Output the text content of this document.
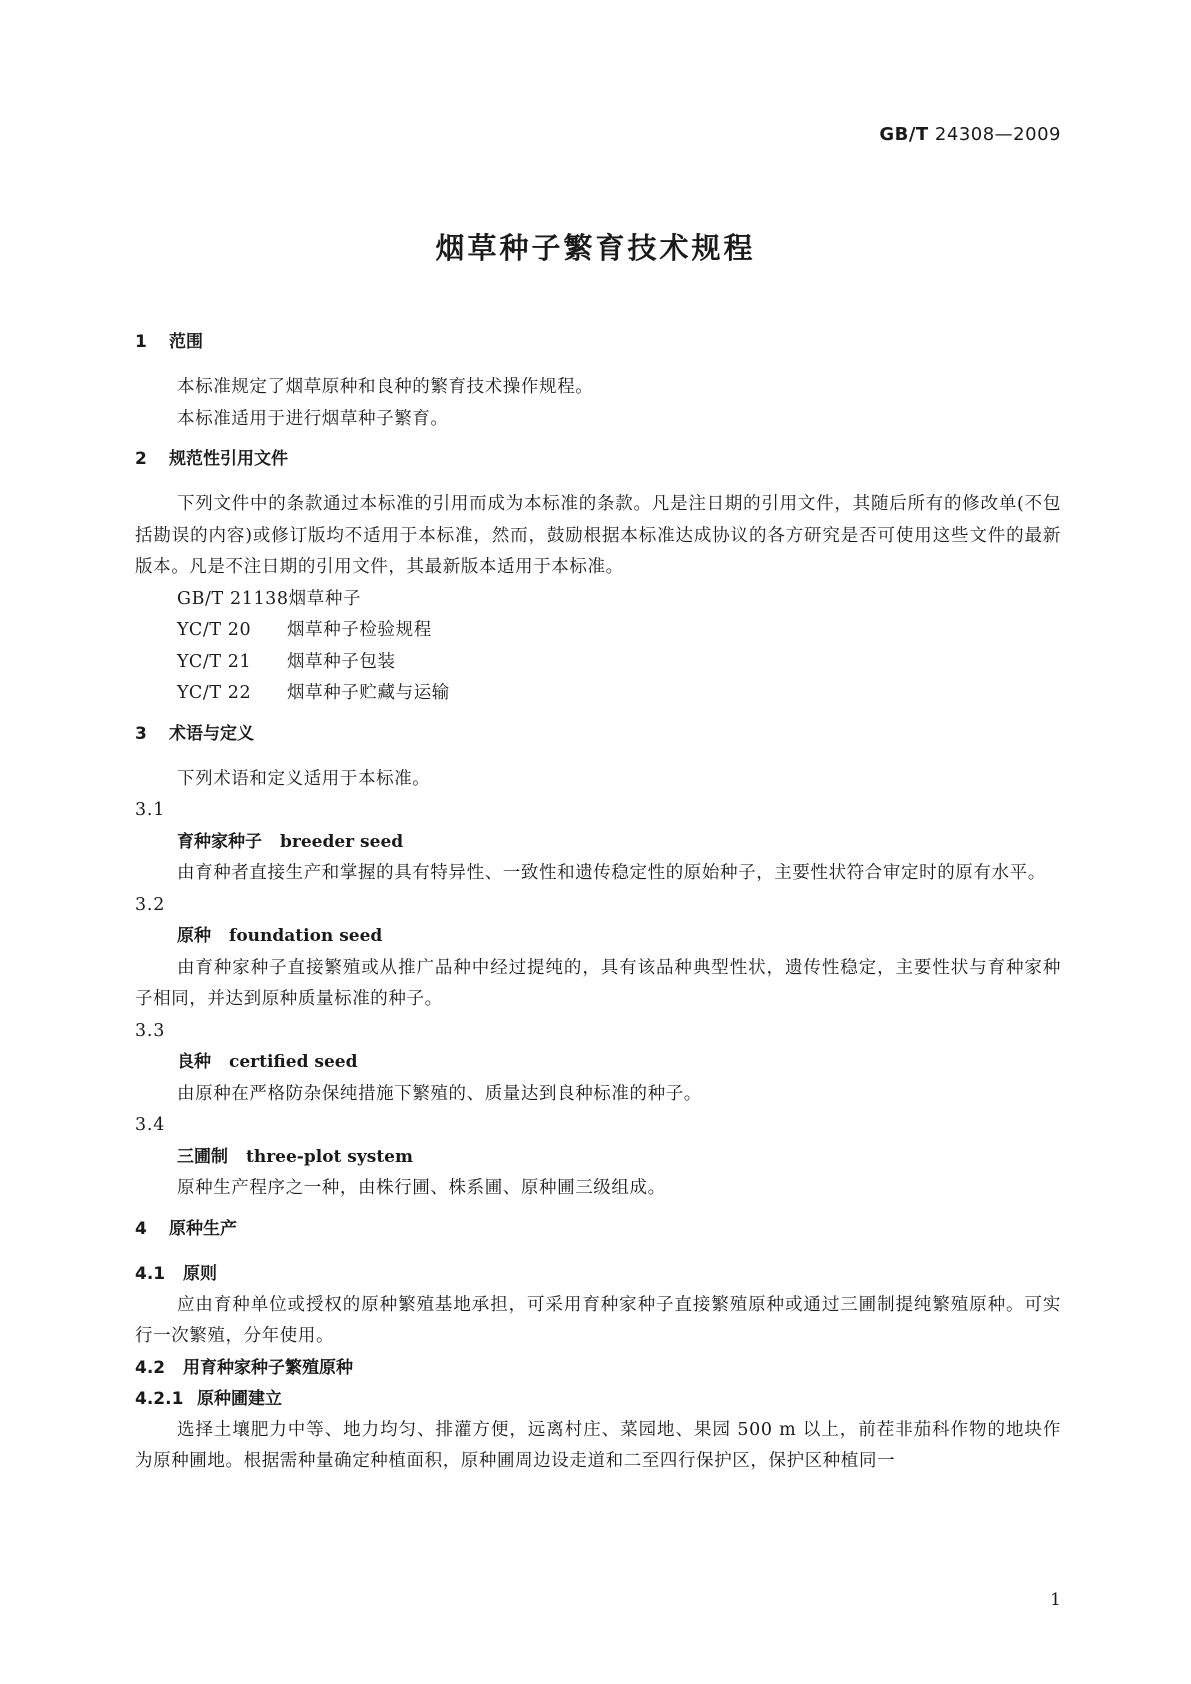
GB/T 24308—2009
烟草种子繁育技术规程
1 范围

本标准规定了烟草原种和良种的繁育技术操作规程。

本标准适用于进行烟草种子繁育。

2 规范性引用文件

下列文件中的条款通过本标准的引用而成为本标准的条款。凡是注日期的引用文件，其随后所有的修改单(不包括勘误的内容)或修订版均不适用于本标准，然而，鼓励根据本标准达成协议的各方研究是否可使用这些文件的最新版本。凡是不注日期的引用文件，其最新版本适用于本标准。

GB/T 21138烟草种子

YC/T 20 烟草种子检验规程

YC/T 21 烟草种子包装

YC/T 22 烟草种子贮藏与运输

3 术语与定义

下列术语和定义适用于本标准。

3.1

育种家种子 breeder seed

由育种者直接生产和掌握的具有特异性、一致性和遗传稳定性的原始种子，主要性状符合审定时的原有水平。

3.2

原种 foundation seed

由育种家种子直接繁殖或从推广品种中经过提纯的，具有该品种典型性状，遗传性稳定，主要性状与育种家种子相同，并达到原种质量标准的种子。

3.3

良种 certified seed

由原种在严格防杂保纯措施下繁殖的、质量达到良种标准的种子。

3.4

三圃制 three-plot system

原种生产程序之一种，由株行圃、株系圃、原种圃三级组成。

4 原种生产
4.1 原则

应由育种单位或授权的原种繁殖基地承担，可采用育种家种子直接繁殖原种或通过三圃制提纯繁殖原种。可实行一次繁殖，分年使用。

4.2 用育种家种子繁殖原种
4.2.1 原种圃建立

选择土壤肥力中等、地力均匀、排灌方便，远离村庄、菜园地、果园 500 m 以上，前茬非茄科作物的地块作为原种圃地。根据需种量确定种植面积，原种圃周边设走道和二至四行保护区，保护区种植同一

1
